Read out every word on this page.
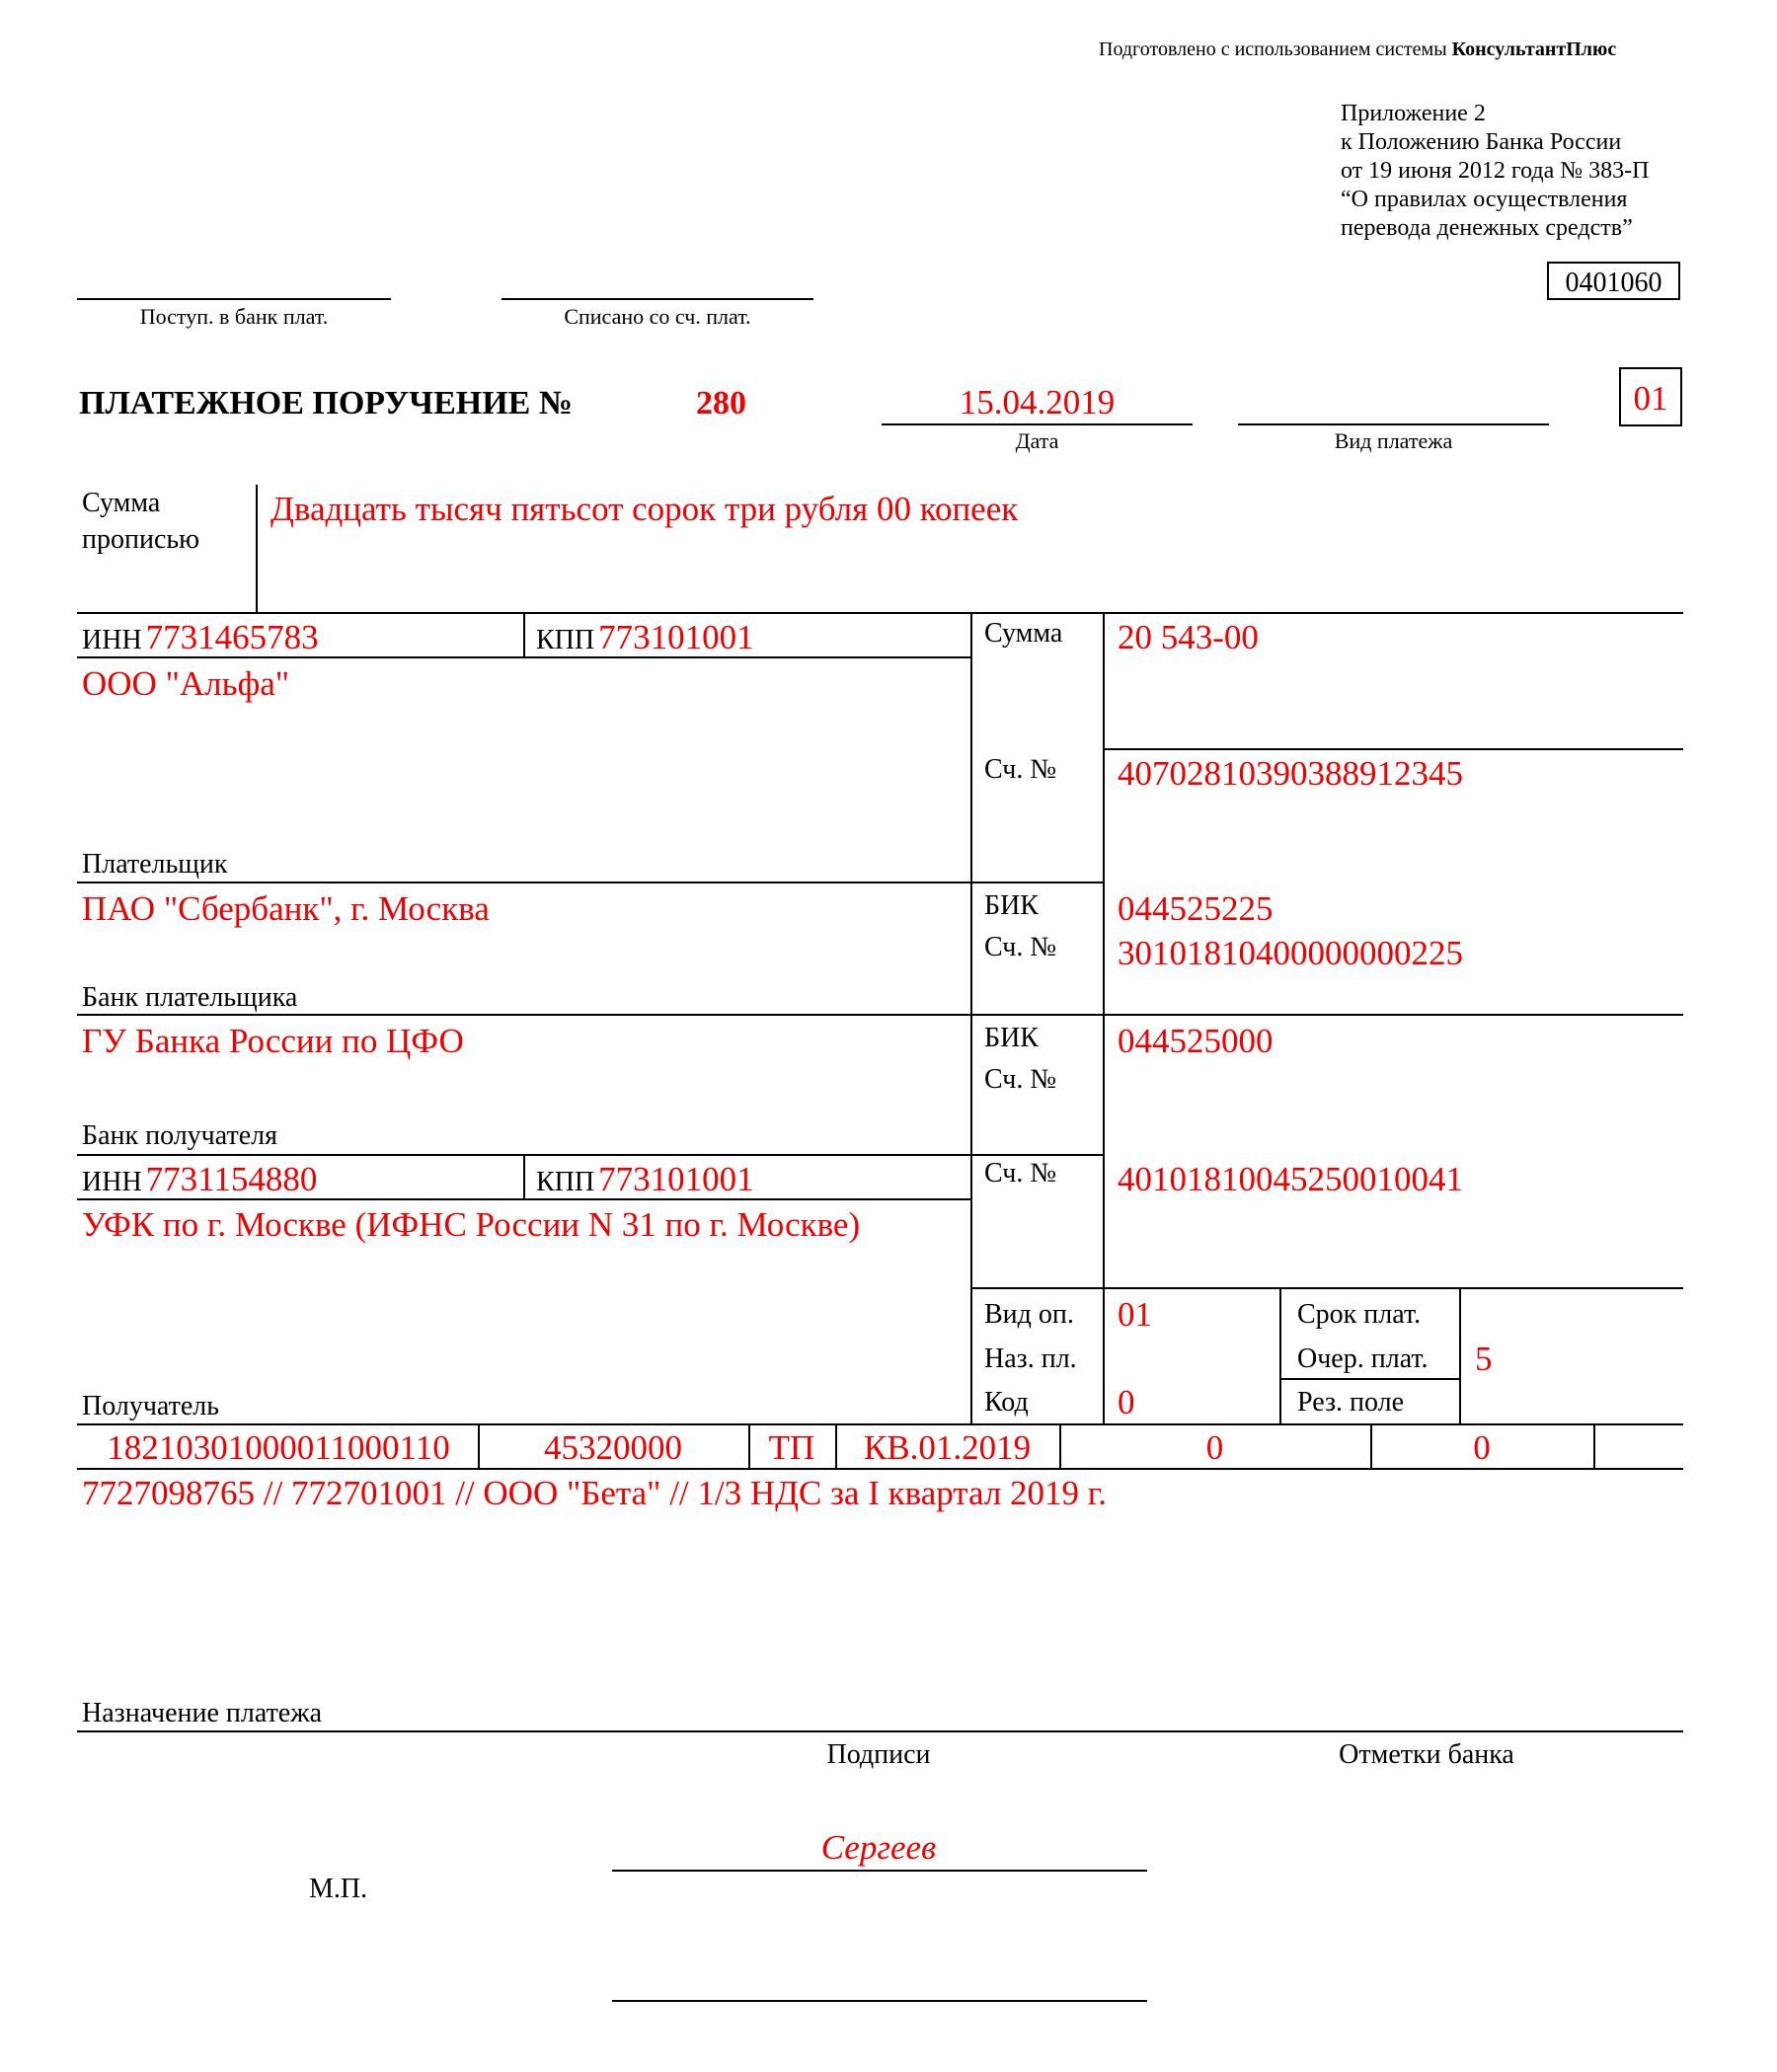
Подготовлено с использованием системы КонсультантПлюс
Приложение 2
к Положению Банка России
от 19 июня 2012 года № 383-П
“О правилах осуществления
перевода денежных средств”
0401060
Поступ. в банк плат.	Списано со сч. плат.
ПЛАТЕЖНОЕ ПОРУЧЕНИЕ №	280	15.04.2019
Дата	Вид платежа
01
Сумма
прописью
Двадцать тысяч пятьсот сорок три рубля 00 копеек
ИНН 7731465783	КПП 773101001
ООО "Альфа"
Плательщик
Сумма 20 543-00
Сч. № 40702810390388912345
ПАО "Сбербанк", г. Москва
Банк плательщика
БИК 044525225
Сч. № 30101810400000000225
ГУ Банка России по ЦФО
Банк получателя
БИК 044525000
Сч. №
ИНН 7731154880	КПП 773101001
УФК по г. Москве (ИФНС России N 31 по г. Москве)
Получатель
Сч. № 40101810045250010041
Вид оп. 01
Наз. пл.
Код	0
Срок плат.
Очер. плат. 5
Рез. поле
18210301000011000110	45320000	ТП	КВ.01.2019	0	0
7727098765 // 772701001 // ООО "Бета" // 1/3 НДС за I квартал 2019 г.
Назначение платежа
Подписи	Отметки банка
Сергеев
М.П.
